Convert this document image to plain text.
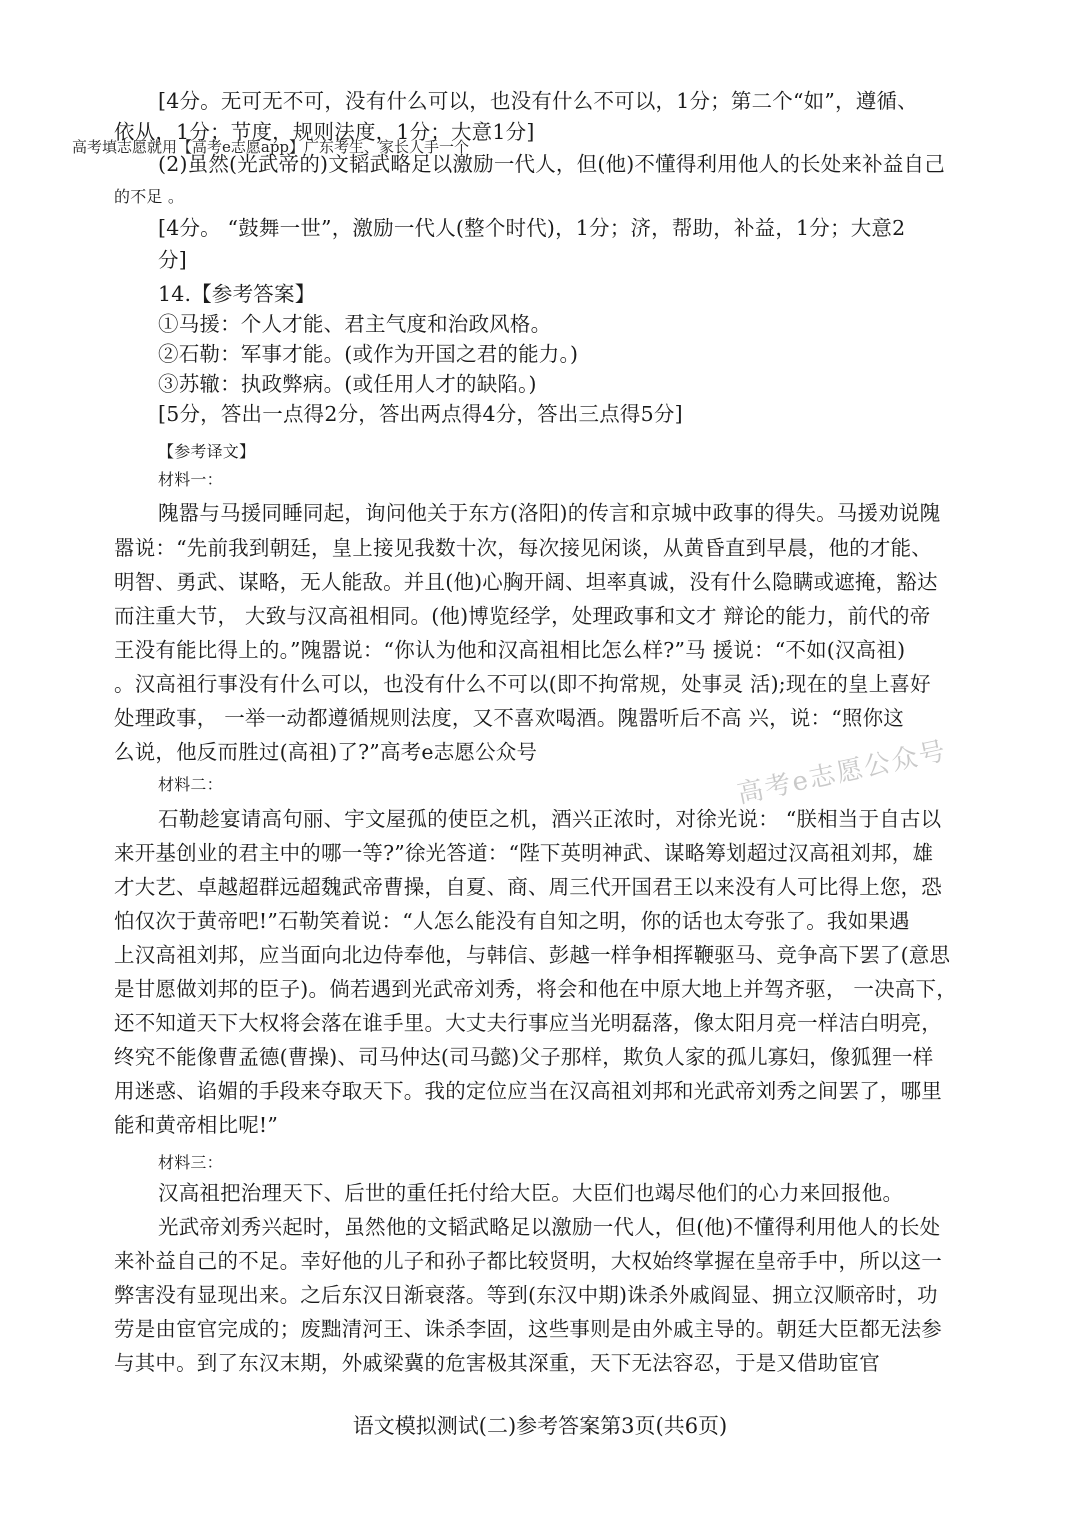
[4分。无可无不可，没有什么可以，也没有什么不可以，1分；第二个“如”，遵循、
依从，1分；节度，规则法度，1分；大意1分]
高考填志愿就用【高考e志愿app】广东考生、家长人手一个
(2)虽然(光武帝的)文韬武略足以激励一代人，但(他)不懂得利用他人的长处来补益自己
的不足 。
[4分。 “鼓舞一世”，激励一代人(整个时代)，1分；济，帮助，补益，1分；大意2
分]
14.【参考答案】
①马援：个人才能、君主气度和治政风格。
②石勒：军事才能。(或作为开国之君的能力。)
③苏辙：执政弊病。(或任用人才的缺陷。)
[5分，答出一点得2分，答出两点得4分，答出三点得5分]
【参考译文】
材料一：
隗嚣与马援同睡同起，询问他关于东方(洛阳)的传言和京城中政事的得失。马援劝说隗
嚣说：“先前我到朝廷，皇上接见我数十次，每次接见闲谈，从黄昏直到早晨，他的才能、
明智、勇武、谋略，无人能敌。并且(他)心胸开阔、坦率真诚，没有什么隐瞒或遮掩，豁达
而注重大节， 大致与汉高祖相同。(他)博览经学，处理政事和文才 辩论的能力，前代的帝
王没有能比得上的。”隗嚣说：“你认为他和汉高祖相比怎么样?”马 援说：“不如(汉高祖)
。汉高祖行事没有什么可以，也没有什么不可以(即不拘常规，处事灵 活);现在的皇上喜好
处理政事， 一举一动都遵循规则法度，又不喜欢喝酒。隗嚣听后不高 兴，说：“照你这
么说，他反而胜过(高祖)了?”高考e志愿公众号	高考e志愿公众号
材料二：
石勒趁宴请高句丽、宇文屋孤的使臣之机，酒兴正浓时，对徐光说： “朕相当于自古以
来开基创业的君主中的哪一等?”徐光答道：“陛下英明神武、谋略筹划超过汉高祖刘邦，雄
才大艺、卓越超群远超魏武帝曹操，自夏、商、周三代开国君王以来没有人可比得上您，恐
怕仅次于黄帝吧!”石勒笑着说：“人怎么能没有自知之明，你的话也太夸张了。我如果遇
上汉高祖刘邦，应当面向北边侍奉他，与韩信、彭越一样争相挥鞭驱马、竞争高下罢了(意思
是甘愿做刘邦的臣子)。倘若遇到光武帝刘秀，将会和他在中原大地上并驾齐驱， 一决高下，
还不知道天下大权将会落在谁手里。大丈夫行事应当光明磊落，像太阳月亮一样洁白明亮，
终究不能像曹孟德(曹操)、司马仲达(司马懿)父子那样，欺负人家的孤儿寡妇，像狐狸一样
用迷惑、谄媚的手段来夺取天下。我的定位应当在汉高祖刘邦和光武帝刘秀之间罢了，哪里
能和黄帝相比呢!”
材料三：
汉高祖把治理天下、后世的重任托付给大臣。大臣们也竭尽他们的心力来回报他。
光武帝刘秀兴起时，虽然他的文韬武略足以激励一代人，但(他)不懂得利用他人的长处
来补益自己的不足。幸好他的儿子和孙子都比较贤明，大权始终掌握在皇帝手中，所以这一
弊害没有显现出来。之后东汉日渐衰落。等到(东汉中期)诛杀外戚阎显、拥立汉顺帝时，功
劳是由宦官完成的；废黜清河王、诛杀李固，这些事则是由外戚主导的。朝廷大臣都无法参
与其中。到了东汉末期，外戚梁冀的危害极其深重，天下无法容忍，于是又借助宦官
语文模拟测试(二)参考答案第3页(共6页)
